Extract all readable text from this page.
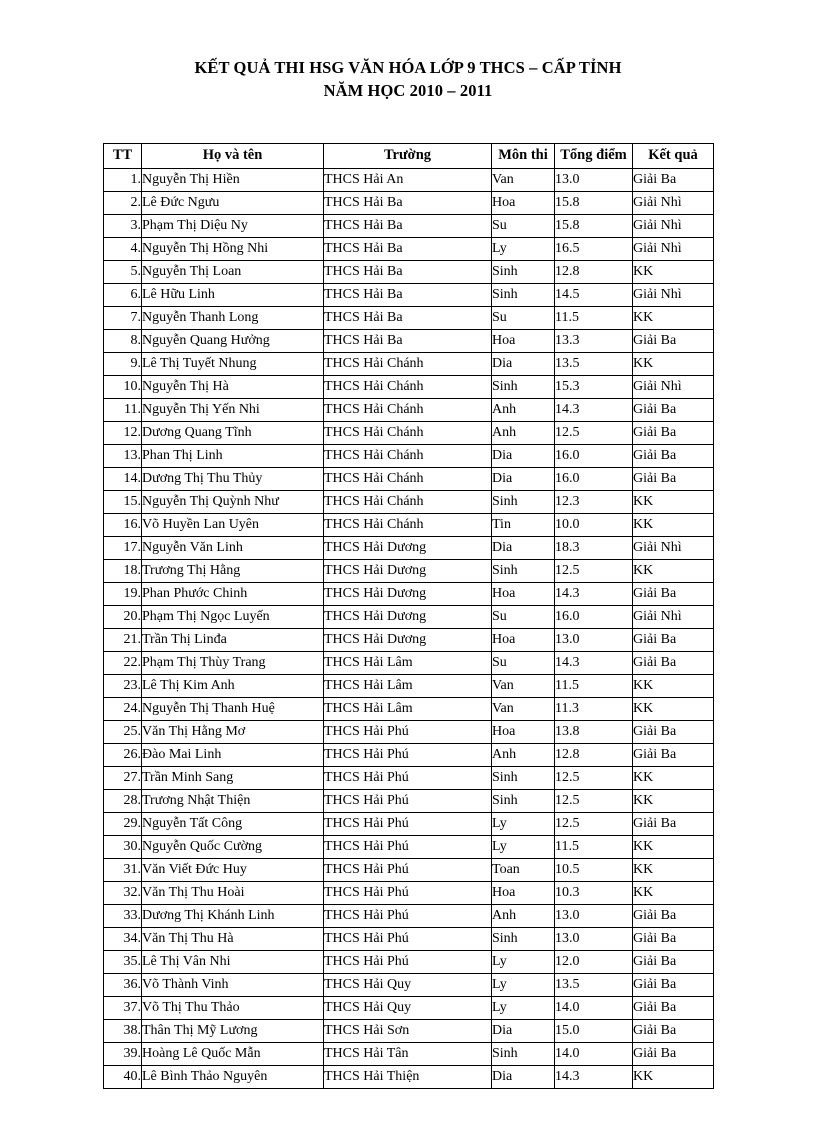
KẾT QUẢ THI HSG VĂN HÓA LỚP 9 THCS – CẤP TỈNH
NĂM HỌC 2010 – 2011
TT	Họ và tên	Trường	Môn thi	Tổng điểm	Kết quả
1.	Nguyễn Thị Hiền	THCS Hải An	Van	13.0	Giải Ba
2.	Lê Đức Ngưu	THCS Hải Ba	Hoa	15.8	Giải Nhì
3.	Phạm Thị Diệu Ny	THCS Hải Ba	Su	15.8	Giải Nhì
4.	Nguyễn Thị Hồng Nhi	THCS Hải Ba	Ly	16.5	Giải Nhì
5.	Nguyễn Thị Loan	THCS Hải Ba	Sinh	12.8	KK
6.	Lê Hữu Linh	THCS Hải Ba	Sinh	14.5	Giải Nhì
7.	Nguyễn Thanh Long	THCS Hải Ba	Su	11.5	KK
8.	Nguyễn Quang Hưởng	THCS Hải Ba	Hoa	13.3	Giải Ba
9.	Lê Thị Tuyết Nhung	THCS Hải Chánh	Dia	13.5	KK
10.	Nguyễn Thị Hà	THCS Hải Chánh	Sinh	15.3	Giải Nhì
11.	Nguyễn Thị Yến Nhi	THCS Hải Chánh	Anh	14.3	Giải Ba
12.	Dương Quang Tĩnh	THCS Hải Chánh	Anh	12.5	Giải Ba
13.	Phan Thị Linh	THCS Hải Chánh	Dia	16.0	Giải Ba
14.	Dương Thị Thu Thủy	THCS Hải Chánh	Dia	16.0	Giải Ba
15.	Nguyễn Thị Quỳnh Như	THCS Hải Chánh	Sinh	12.3	KK
16.	Võ Huyền Lan Uyên	THCS Hải Chánh	Tin	10.0	KK
17.	Nguyễn Văn Linh	THCS Hải Dương	Dia	18.3	Giải Nhì
18.	Trương Thị Hằng	THCS Hải Dương	Sinh	12.5	KK
19.	Phan Phước Chinh	THCS Hải Dương	Hoa	14.3	Giải Ba
20.	Phạm Thị Ngọc Luyến	THCS Hải Dương	Su	16.0	Giải Nhì
21.	Trần Thị Linđa	THCS Hải Dương	Hoa	13.0	Giải Ba
22.	Phạm Thị Thùy Trang	THCS Hải Lâm	Su	14.3	Giải Ba
23.	Lê Thị Kim Anh	THCS Hải Lâm	Van	11.5	KK
24.	Nguyễn Thị Thanh Huệ	THCS Hải Lâm	Van	11.3	KK
25.	Văn Thị Hằng Mơ	THCS Hải Phú	Hoa	13.8	Giải Ba
26.	Đào Mai Linh	THCS Hải Phú	Anh	12.8	Giải Ba
27.	Trần Minh Sang	THCS Hải Phú	Sinh	12.5	KK
28.	Trương Nhật Thiện	THCS Hải Phú	Sinh	12.5	KK
29.	Nguyễn Tất Công	THCS Hải Phú	Ly	12.5	Giải Ba
30.	Nguyễn Quốc Cường	THCS Hải Phú	Ly	11.5	KK
31.	Văn Viết Đức Huy	THCS Hải Phú	Toan	10.5	KK
32.	Văn Thị Thu Hoài	THCS Hải Phú	Hoa	10.3	KK
33.	Dương Thị Khánh Linh	THCS Hải Phú	Anh	13.0	Giải Ba
34.	Văn Thị Thu Hà	THCS Hải Phú	Sinh	13.0	Giải Ba
35.	Lê Thị Vân Nhi	THCS Hải Phú	Ly	12.0	Giải Ba
36.	Võ Thành Vinh	THCS Hải Quy	Ly	13.5	Giải Ba
37.	Võ Thị Thu Thảo	THCS Hải Quy	Ly	14.0	Giải Ba
38.	Thân Thị Mỹ Lương	THCS Hải Sơn	Dia	15.0	Giải Ba
39.	Hoàng Lê Quốc Mẫn	THCS Hải Tân	Sinh	14.0	Giải Ba
40.	Lê Bình Thảo Nguyên	THCS Hải Thiện	Dia	14.3	KK
